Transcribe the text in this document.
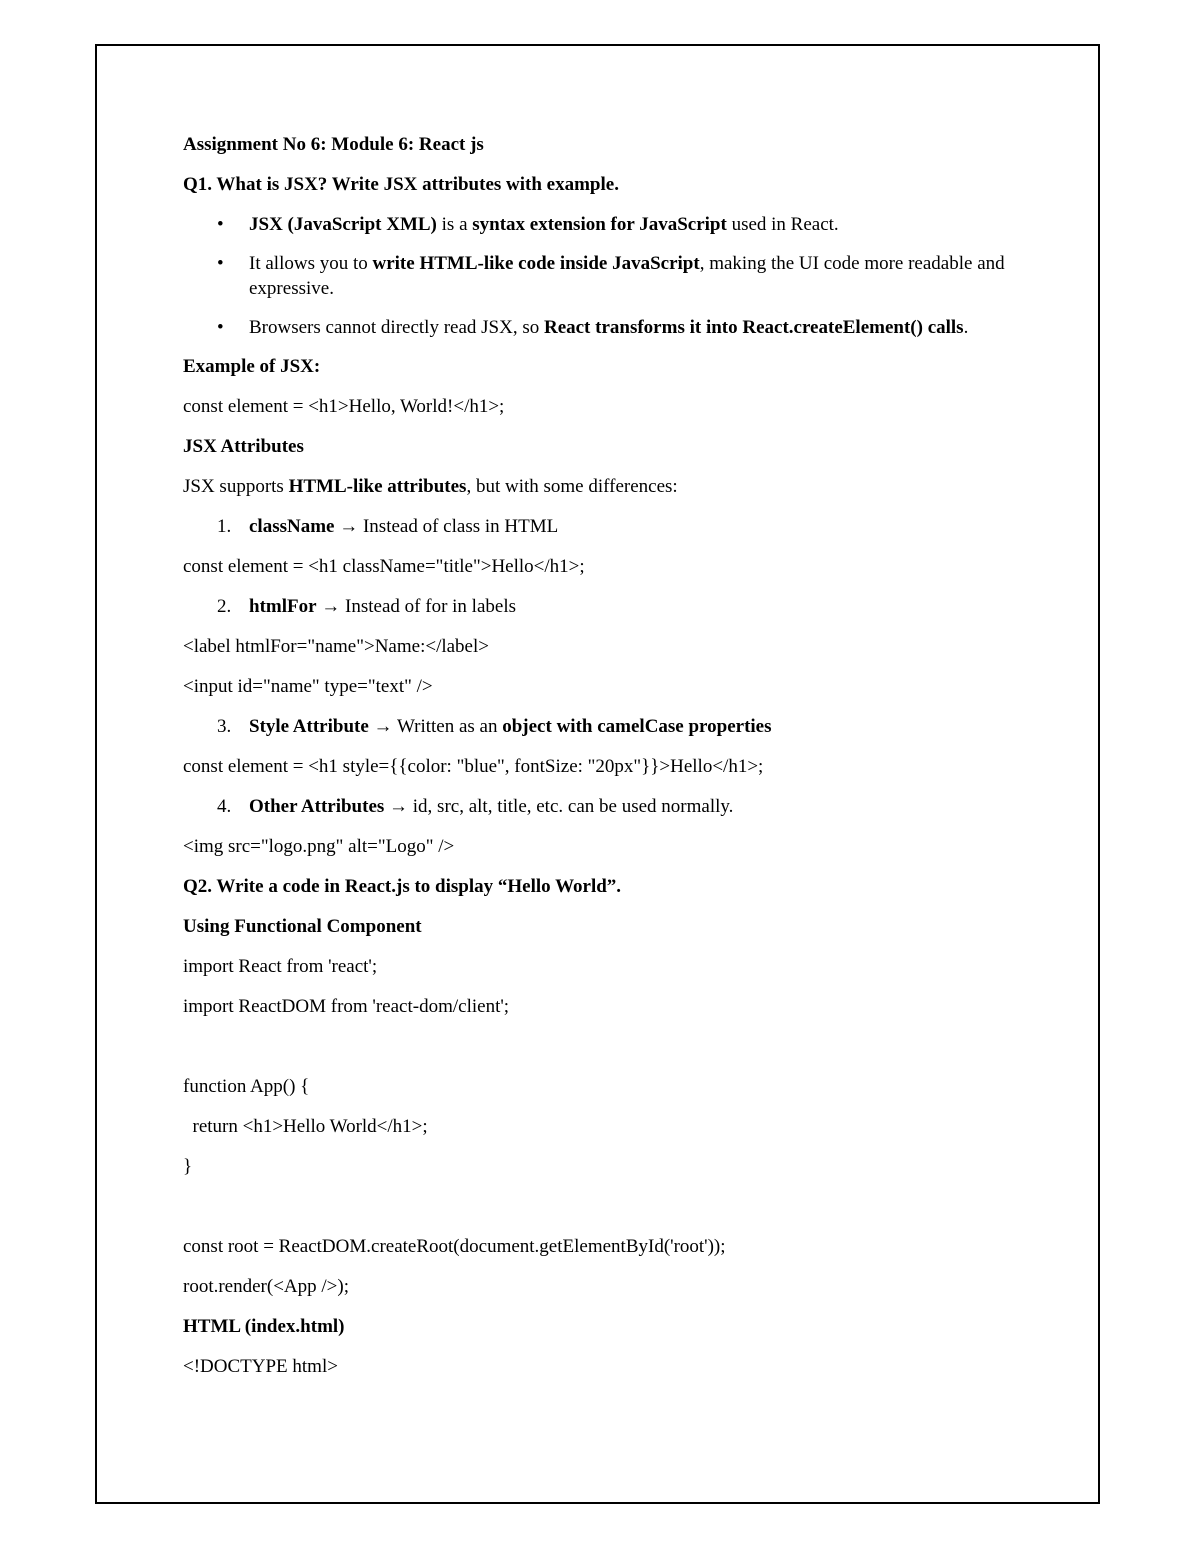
Assignment No 6: Module 6: React js

Q1. What is JSX? Write JSX attributes with example.

• JSX (JavaScript XML) is a syntax extension for JavaScript used in React.
• It allows you to write HTML-like code inside JavaScript, making the UI code more readable and expressive.
• Browsers cannot directly read JSX, so React transforms it into React.createElement() calls.

Example of JSX:

const element = <h1>Hello, World!</h1>;

JSX Attributes

JSX supports HTML-like attributes, but with some differences:

1. className → Instead of class in HTML

const element = <h1 className="title">Hello</h1>;

2. htmlFor → Instead of for in labels

<label htmlFor="name">Name:</label>

<input id="name" type="text" />

3. Style Attribute → Written as an object with camelCase properties

const element = <h1 style={{color: "blue", fontSize: "20px"}}>Hello</h1>;

4. Other Attributes → id, src, alt, title, etc. can be used normally.

<img src="logo.png" alt="Logo" />

Q2. Write a code in React.js to display “Hello World”.

Using Functional Component

import React from 'react';

import ReactDOM from 'react-dom/client';

function App() {

return <h1>Hello World</h1>;

}

const root = ReactDOM.createRoot(document.getElementById('root'));

root.render(<App />);

HTML (index.html)

<!DOCTYPE html>
